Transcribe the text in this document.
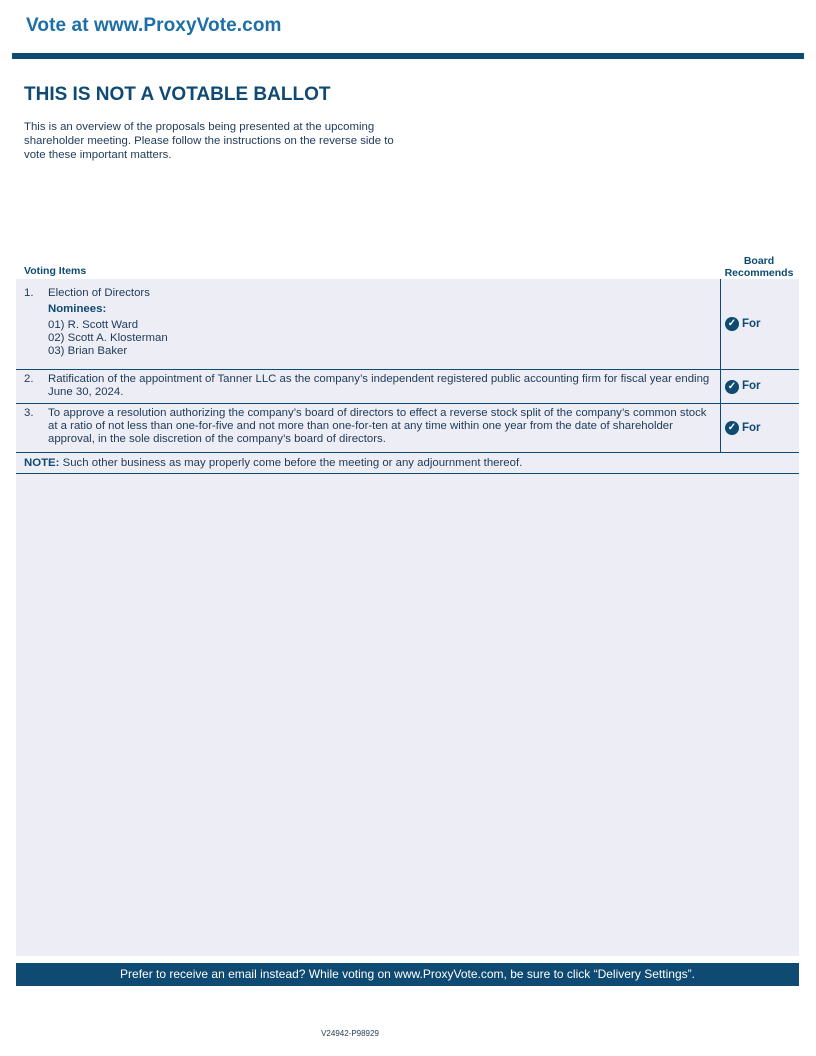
Vote at www.ProxyVote.com
THIS IS NOT A VOTABLE BALLOT
This is an overview of the proposals being presented at the upcoming shareholder meeting. Please follow the instructions on the reverse side to vote these important matters.
Voting Items
Board
Recommends
1. Election of Directors
Nominees:
01) R. Scott Ward
02) Scott A. Klosterman
03) Brian Baker
✓ For
2. Ratification of the appointment of Tanner LLC as the company’s independent registered public accounting firm for fiscal year ending June 30, 2024.	✓ For
3. To approve a resolution authorizing the company’s board of directors to effect a reverse stock split of the company’s common stock at a ratio of not less than one-for-five and not more than one-for-ten at any time within one year from the date of shareholder approval, in the sole discretion of the company’s board of directors.
✓ For
NOTE: Such other business as may properly come before the meeting or any adjournment thereof.
Prefer to receive an email instead? While voting on www.ProxyVote.com, be sure to click “Delivery Settings”.
V24942-P98929
